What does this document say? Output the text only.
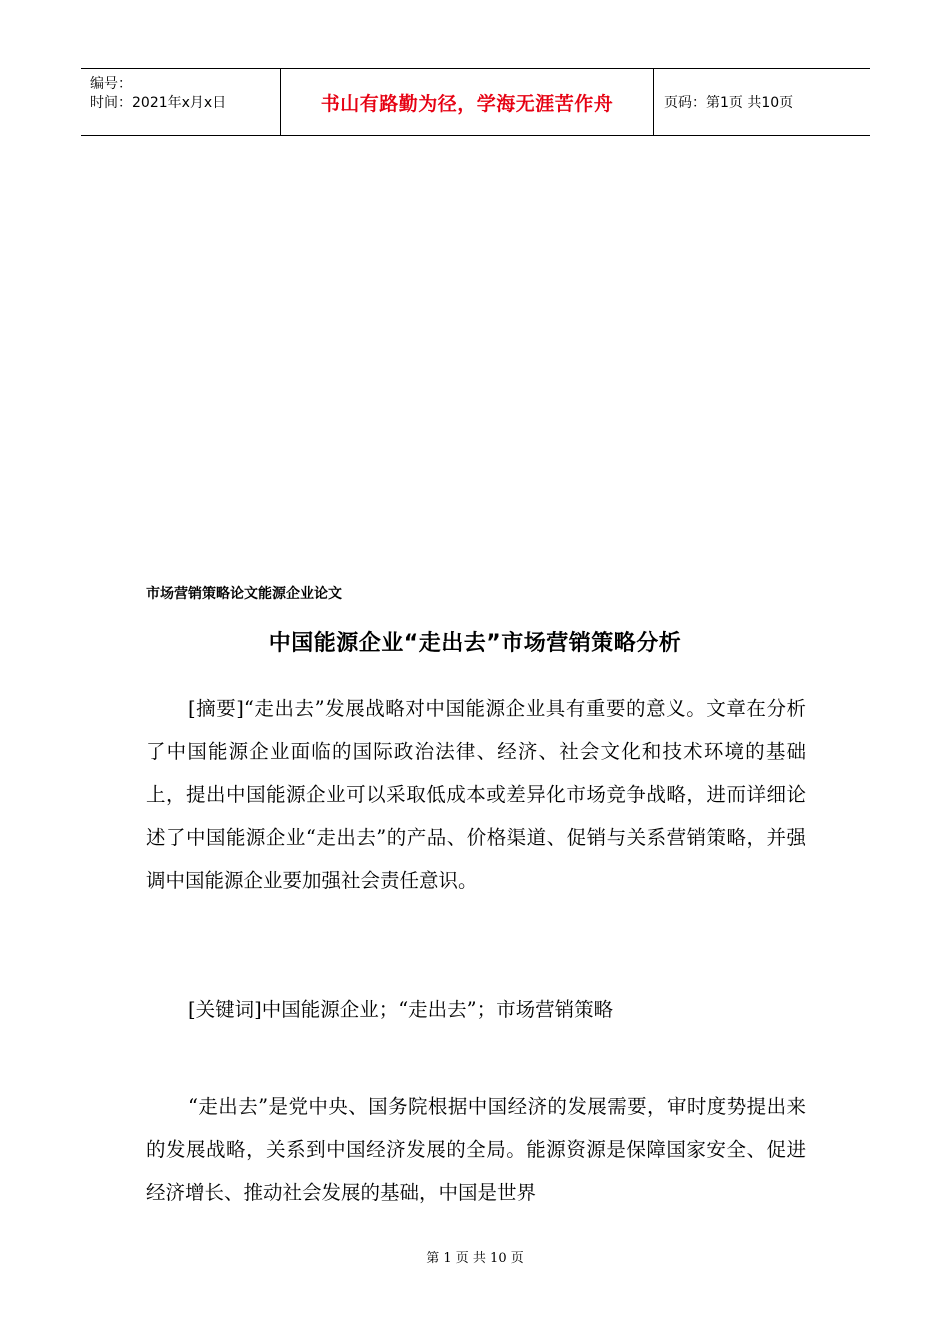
编号：
时间：2021年x月x日	书山有路勤为径，学海无涯苦作舟	页码：第1页 共10页
市场营销策略论文能源企业论文
中国能源企业“走出去”市场营销策略分析
[摘要]“走出去”发展战略对中国能源企业具有重要的意义。文章在分析了中国能源企业面临的国际政治法律、经济、社会文化和技术环境的基础上，提出中国能源企业可以采取低成本或差异化市场竞争战略，进而详细论述了中国能源企业“走出去”的产品、价格渠道、促销与关系营销策略，并强调中国能源企业要加强社会责任意识。
[关键词]中国能源企业；“走出去”；市场营销策略
“走出去”是党中央、国务院根据中国经济的发展需要，审时度势提出来的发展战略，关系到中国经济发展的全局。能源资源是保障国家安全、促进经济增长、推动社会发展的基础，中国是世界
第 1 页 共 10 页
